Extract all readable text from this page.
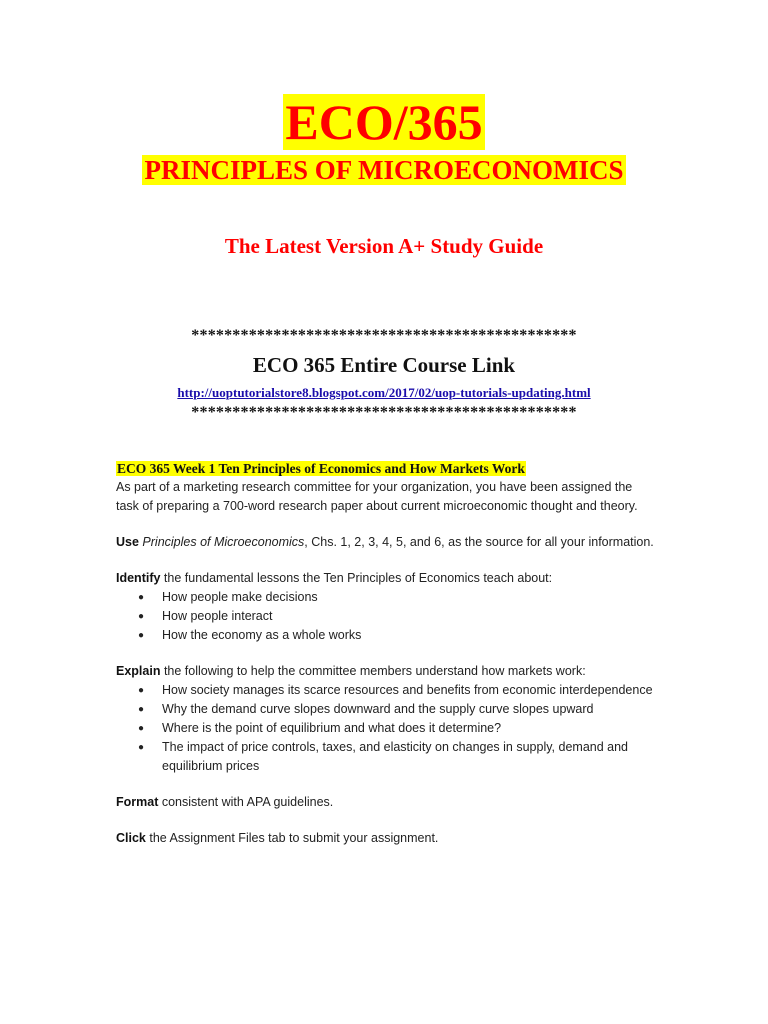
ECO/365
PRINCIPLES OF MICROECONOMICS
The Latest Version A+ Study Guide
***********************************************
ECO 365 Entire Course Link
http://uoptutorialstore8.blogspot.com/2017/02/uop-tutorials-updating.html
***********************************************
ECO 365 Week 1 Ten Principles of Economics and How Markets Work

As part of a marketing research committee for your organization, you have been assigned the task of preparing a 700-word research paper about current microeconomic thought and theory.

Use Principles of Microeconomics, Chs. 1, 2, 3, 4, 5, and 6, as the source for all your information.

Identify the fundamental lessons the Ten Principles of Economics teach about:

● How people make decisions
● How people interact
● How the economy as a whole works

Explain the following to help the committee members understand how markets work:

● How society manages its scarce resources and benefits from economic interdependence
● Why the demand curve slopes downward and the supply curve slopes upward
● Where is the point of equilibrium and what does it determine?
● The impact of price controls, taxes, and elasticity on changes in supply, demand and equilibrium prices

Format consistent with APA guidelines.

Click the Assignment Files tab to submit your assignment.
